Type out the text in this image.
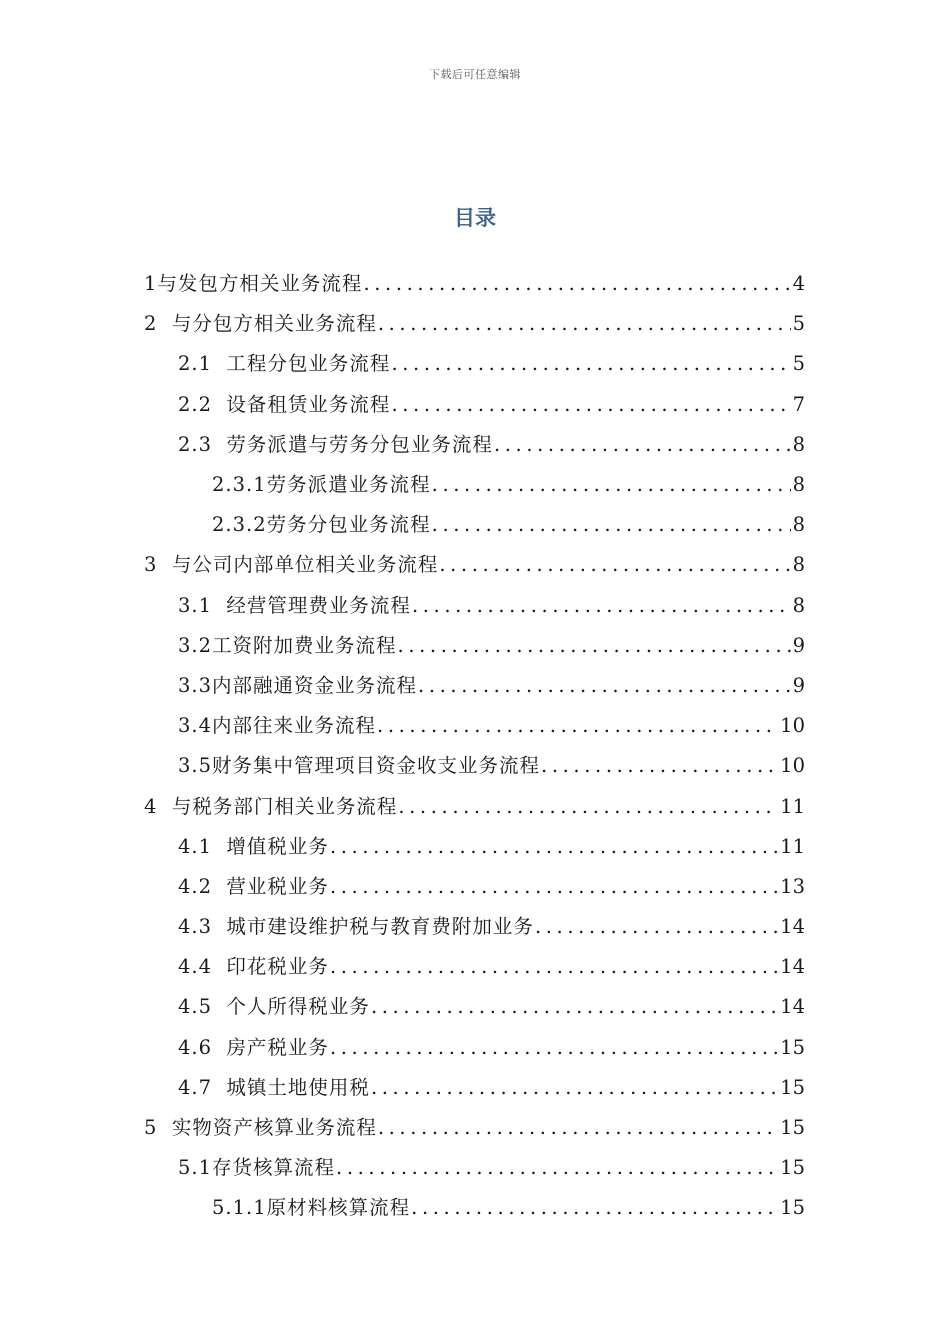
下载后可任意编辑
目录
1 与发包方相关业务流程 .....	4
2 与分包方相关业务流程 .....	5
2.1 工程分包业务流程 .....	5
2.2 设备租赁业务流程 .....	7
2.3 劳务派遣与劳务分包业务流程 .....	8
2.3.1 劳务派遣业务流程 .....	8
2.3.2 劳务分包业务流程 .....	8
3 与公司内部单位相关业务流程 .....	8
3.1 经营管理费业务流程 .....	8
3.2 工资附加费业务流程 .....	9
3.3 内部融通资金业务流程 .....	9
3.4 内部往来业务流程 .....	10
3.5 财务集中管理项目资金收支业务流程 .....	10
4 与税务部门相关业务流程 .....	11
4.1 增值税业务 .....	11
4.2 营业税业务 .....	13
4.3 城市建设维护税与教育费附加业务 .....	14
4.4 印花税业务 .....	14
4.5 个人所得税业务 .....	14
4.6 房产税业务 .....	15
4.7 城镇土地使用税 .....	15
5 实物资产核算业务流程 .....	15
5.1 存货核算流程 .....	15
5.1.1 原材料核算流程 .....	15
